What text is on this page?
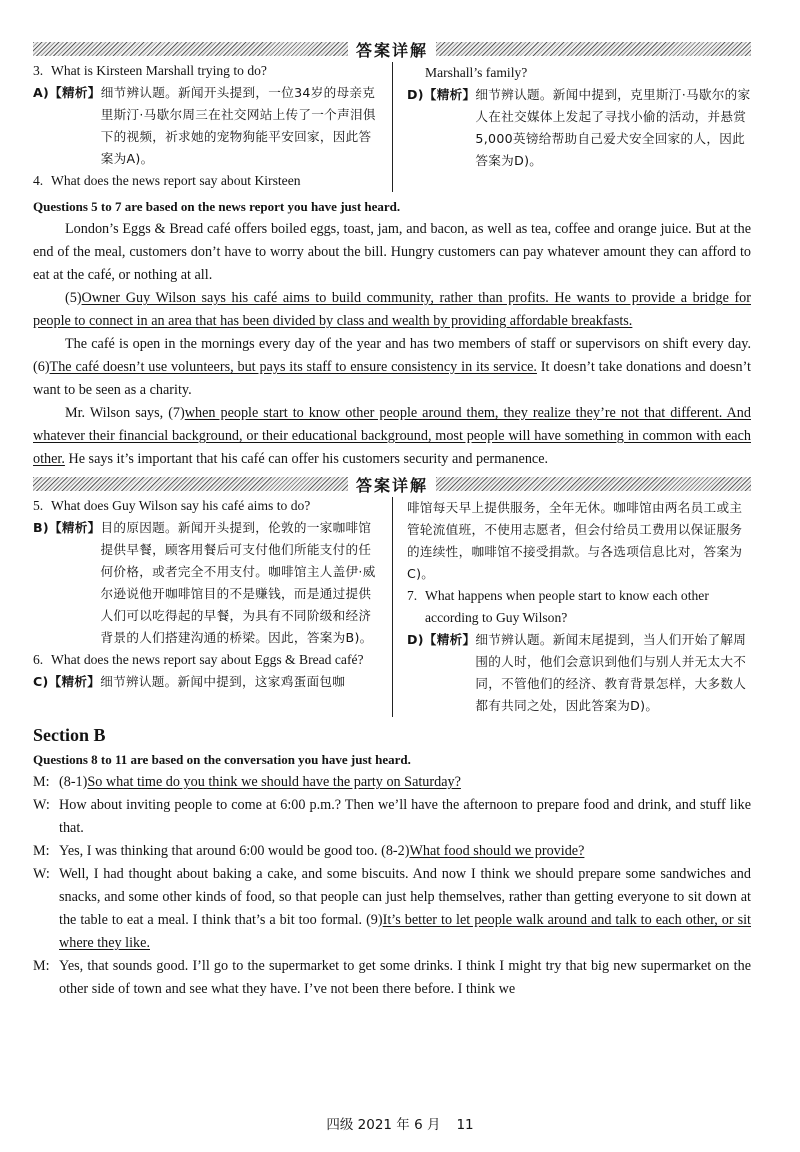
答案详解
3. What is Kirsteen Marshall trying to do?
A)【精析】 细节辨认题。新闻开头提到，一位34岁的母亲克里斯汀·马歇尔周三在社交网站上传了一个声泪俱下的视频，祈求她的宠物狗能平安回家，因此答案为A)。
4. What does the news report say about Kirsteen
Marshall’s family?
D)【精析】 细节辨认题。新闻中提到，克里斯汀·马歇尔的家人在社交媒体上发起了寻找小偷的活动，并悬赏5,000英镑给帮助自己爱犬安全回家的人，因此答案为D)。
Questions 5 to 7 are based on the news report you have just heard.

London’s Eggs & Bread café offers boiled eggs, toast, jam, and bacon, as well as tea, coffee and orange juice. But at the end of the meal, customers don’t have to worry about the bill. Hungry customers can pay whatever amount they can afford to eat at the café, or nothing at all.

(5)Owner Guy Wilson says his café aims to build community, rather than profits. He wants to provide a bridge for people to connect in an area that has been divided by class and wealth by providing affordable breakfasts.

The café is open in the mornings every day of the year and has two members of staff or supervisors on shift every day. (6)The café doesn’t use volunteers, but pays its staff to ensure consistency in its service. It doesn’t take donations and doesn’t want to be seen as a charity.

Mr. Wilson says, (7)when people start to know other people around them, they realize they’re not that different. And whatever their financial background, or their educational background, most people will have something in common with each other. He says it’s important that his café can offer his customers security and permanence.

答案详解
5. What does Guy Wilson say his café aims to do?
B)【精析】 目的原因题。新闻开头提到，伦敦的一家咖啡馆提供早餐，顾客用餐后可支付他们所能支付的任何价格，或者完全不用支付。咖啡馆主人盖伊·威尔逊说他开咖啡馆目的不是赚钱，而是通过提供人们可以吃得起的早餐，为具有不同阶级和经济背景的人们搭建沟通的桥梁。因此，答案为B)。
6. What does the news report say about Eggs & Bread café?
C)【精析】 细节辨认题。新闻中提到，这家鸡蛋面包咖
啡馆每天早上提供服务，全年无休。咖啡馆由两名员工或主管轮流值班，不使用志愿者，但会付给员工费用以保证服务的连续性，咖啡馆不接受捐款。与各选项信息比对，答案为C)。
7. What happens when people start to know each other according to Guy Wilson?
D)【精析】 细节辨认题。新闻末尾提到，当人们开始了解周围的人时，他们会意识到他们与别人并无太大不同，不管他们的经济、教育背景怎样，大多数人都有共同之处，因此答案为D)。
Section B
Questions 8 to 11 are based on the conversation you have just heard.
M: (8-1)So what time do you think we should have the party on Saturday?
W: How about inviting people to come at 6:00 p.m.? Then we’ll have the afternoon to prepare food and drink, and stuff like that.
M: Yes, I was thinking that around 6:00 would be good too. (8-2)What food should we provide?
W: Well, I had thought about baking a cake, and some biscuits. And now I think we should prepare some sandwiches and snacks, and some other kinds of food, so that people can just help themselves, rather than getting everyone to sit down at the table to eat a meal. I think that’s a bit too formal. (9)It’s better to let people walk around and talk to each other, or sit where they like.
M: Yes, that sounds good. I’ll go to the supermarket to get some drinks. I think I might try that big new supermarket on the other side of town and see what they have. I’ve not been there before. I think we
四级 2021 年 6 月 11
